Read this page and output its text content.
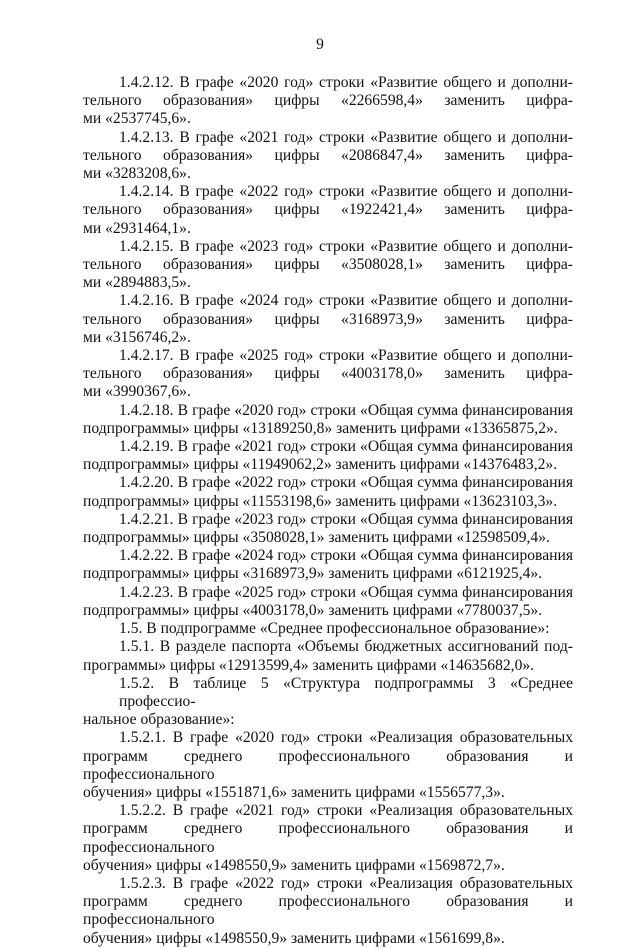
9
1.4.2.12. В графе «2020 год» строки «Развитие общего и дополни-
тельного образования» цифры «2266598,4» заменить цифра-
ми «2537745,6».
1.4.2.13. В графе «2021 год» строки «Развитие общего и дополни-
тельного образования» цифры «2086847,4» заменить цифра-
ми «3283208,6».
1.4.2.14. В графе «2022 год» строки «Развитие общего и дополни-
тельного образования» цифры «1922421,4» заменить цифра-
ми «2931464,1».
1.4.2.15. В графе «2023 год» строки «Развитие общего и дополни-
тельного образования» цифры «3508028,1» заменить цифра-
ми «2894883,5».
1.4.2.16. В графе «2024 год» строки «Развитие общего и дополни-
тельного образования» цифры «3168973,9» заменить цифра-
ми «3156746,2».
1.4.2.17. В графе «2025 год» строки «Развитие общего и дополни-
тельного образования» цифры «4003178,0» заменить цифра-
ми «3990367,6».
1.4.2.18. В графе «2020 год» строки «Общая сумма финансирования
подпрограммы» цифры «13189250,8» заменить цифрами «13365875,2».
1.4.2.19. В графе «2021 год» строки «Общая сумма финансирования
подпрограммы» цифры «11949062,2» заменить цифрами «14376483,2».
1.4.2.20. В графе «2022 год» строки «Общая сумма финансирования
подпрограммы» цифры «11553198,6» заменить цифрами «13623103,3».
1.4.2.21. В графе «2023 год» строки «Общая сумма финансирования
подпрограммы» цифры «3508028,1» заменить цифрами «12598509,4».
1.4.2.22. В графе «2024 год» строки «Общая сумма финансирования
подпрограммы» цифры «3168973,9» заменить цифрами «6121925,4».
1.4.2.23. В графе «2025 год» строки «Общая сумма финансирования
подпрограммы» цифры «4003178,0» заменить цифрами «7780037,5».
1.5. В подпрограмме «Среднее профессиональное образование»:
1.5.1. В разделе паспорта «Объемы бюджетных ассигнований под-
программы» цифры «12913599,4» заменить цифрами «14635682,0».
1.5.2. В таблице 5 «Структура подпрограммы 3 «Среднее профессио-
нальное образование»:
1.5.2.1. В графе «2020 год» строки «Реализация образовательных
программ среднего профессионального образования и профессионального
обучения» цифры «1551871,6» заменить цифрами «1556577,3».
1.5.2.2. В графе «2021 год» строки «Реализация образовательных
программ среднего профессионального образования и профессионального
обучения» цифры «1498550,9» заменить цифрами «1569872,7».
1.5.2.3. В графе «2022 год» строки «Реализация образовательных
программ среднего профессионального образования и профессионального
обучения» цифры «1498550,9» заменить цифрами «1561699,8».
